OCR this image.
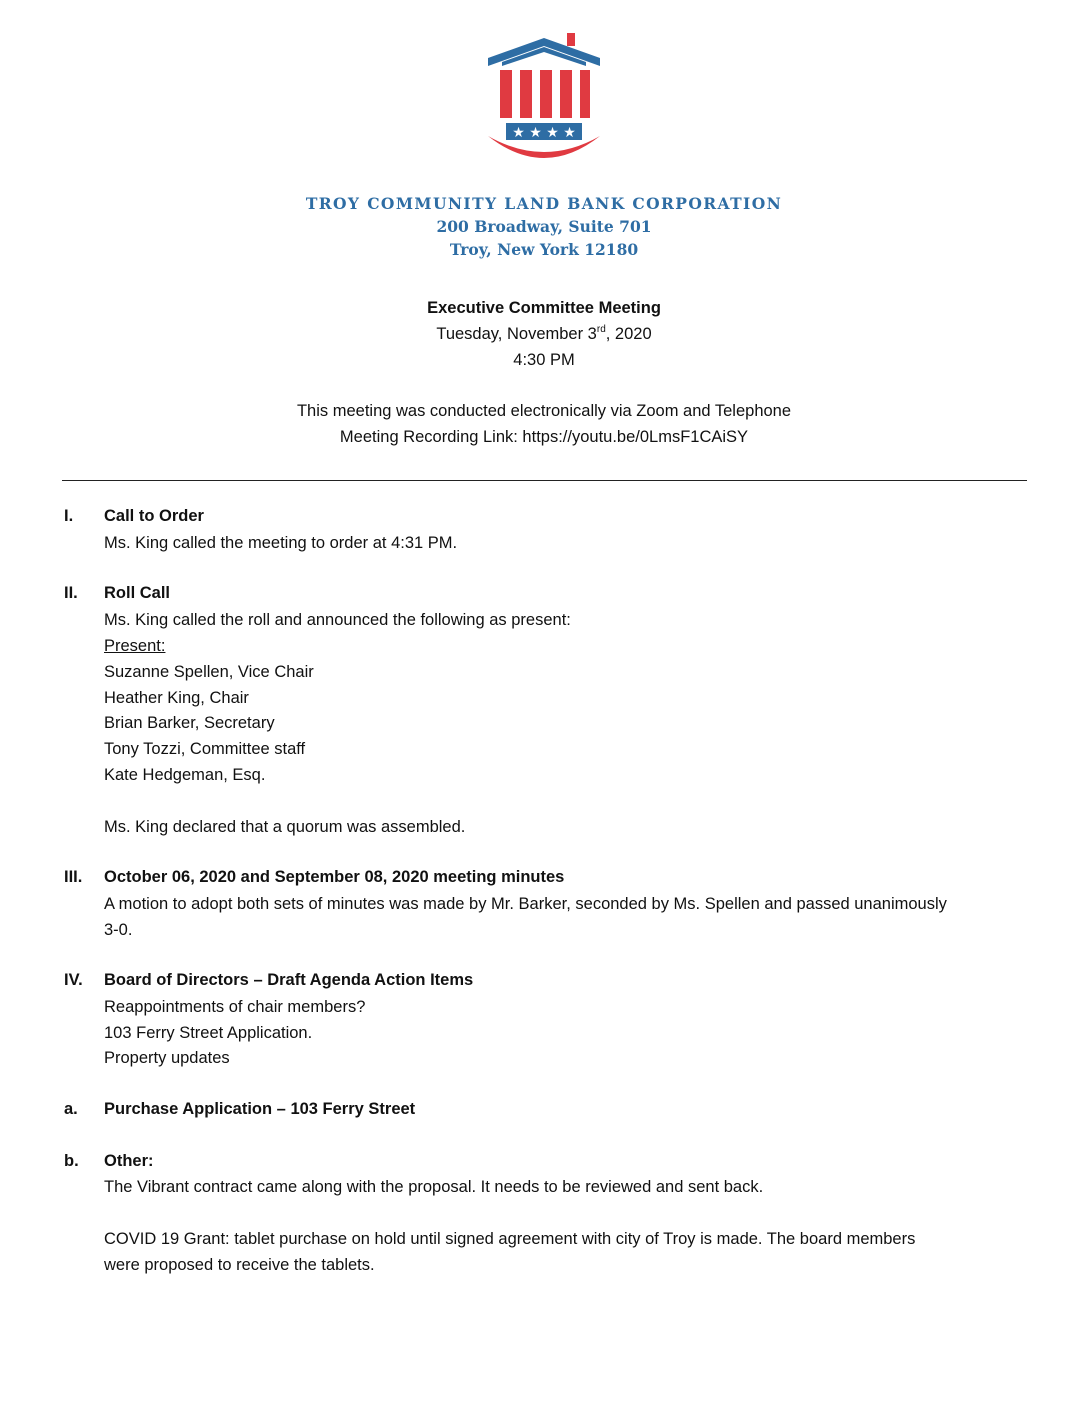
★ ★ ★ ★
TROY COMMUNITY LAND BANK CORPORATION
200 Broadway, Suite 701
Troy, New York 12180
Executive Committee Meeting
Tuesday, November 3rd, 2020
4:30 PM
This meeting was conducted electronically via Zoom and Telephone
Meeting Recording Link: https://youtu.be/0LmsF1CAiSY
I. Call to Order
Ms. King called the meeting to order at 4:31 PM.
II. Roll Call
Ms. King called the roll and announced the following as present:
Present:
Suzanne Spellen, Vice Chair
Heather King, Chair
Brian Barker, Secretary
Tony Tozzi, Committee staff
Kate Hedgeman, Esq.
Ms. King declared that a quorum was assembled.
III. October 06, 2020 and September 08, 2020 meeting minutes
A motion to adopt both sets of minutes was made by Mr. Barker, seconded by Ms. Spellen and passed unanimously
3-0.
IV. Board of Directors – Draft Agenda Action Items
Reappointments of chair members?
103 Ferry Street Application.
Property updates
a. Purchase Application – 103 Ferry Street
b. Other:
The Vibrant contract came along with the proposal. It needs to be reviewed and sent back.
COVID 19 Grant: tablet purchase on hold until signed agreement with city of Troy is made. The board members
were proposed to receive the tablets.
